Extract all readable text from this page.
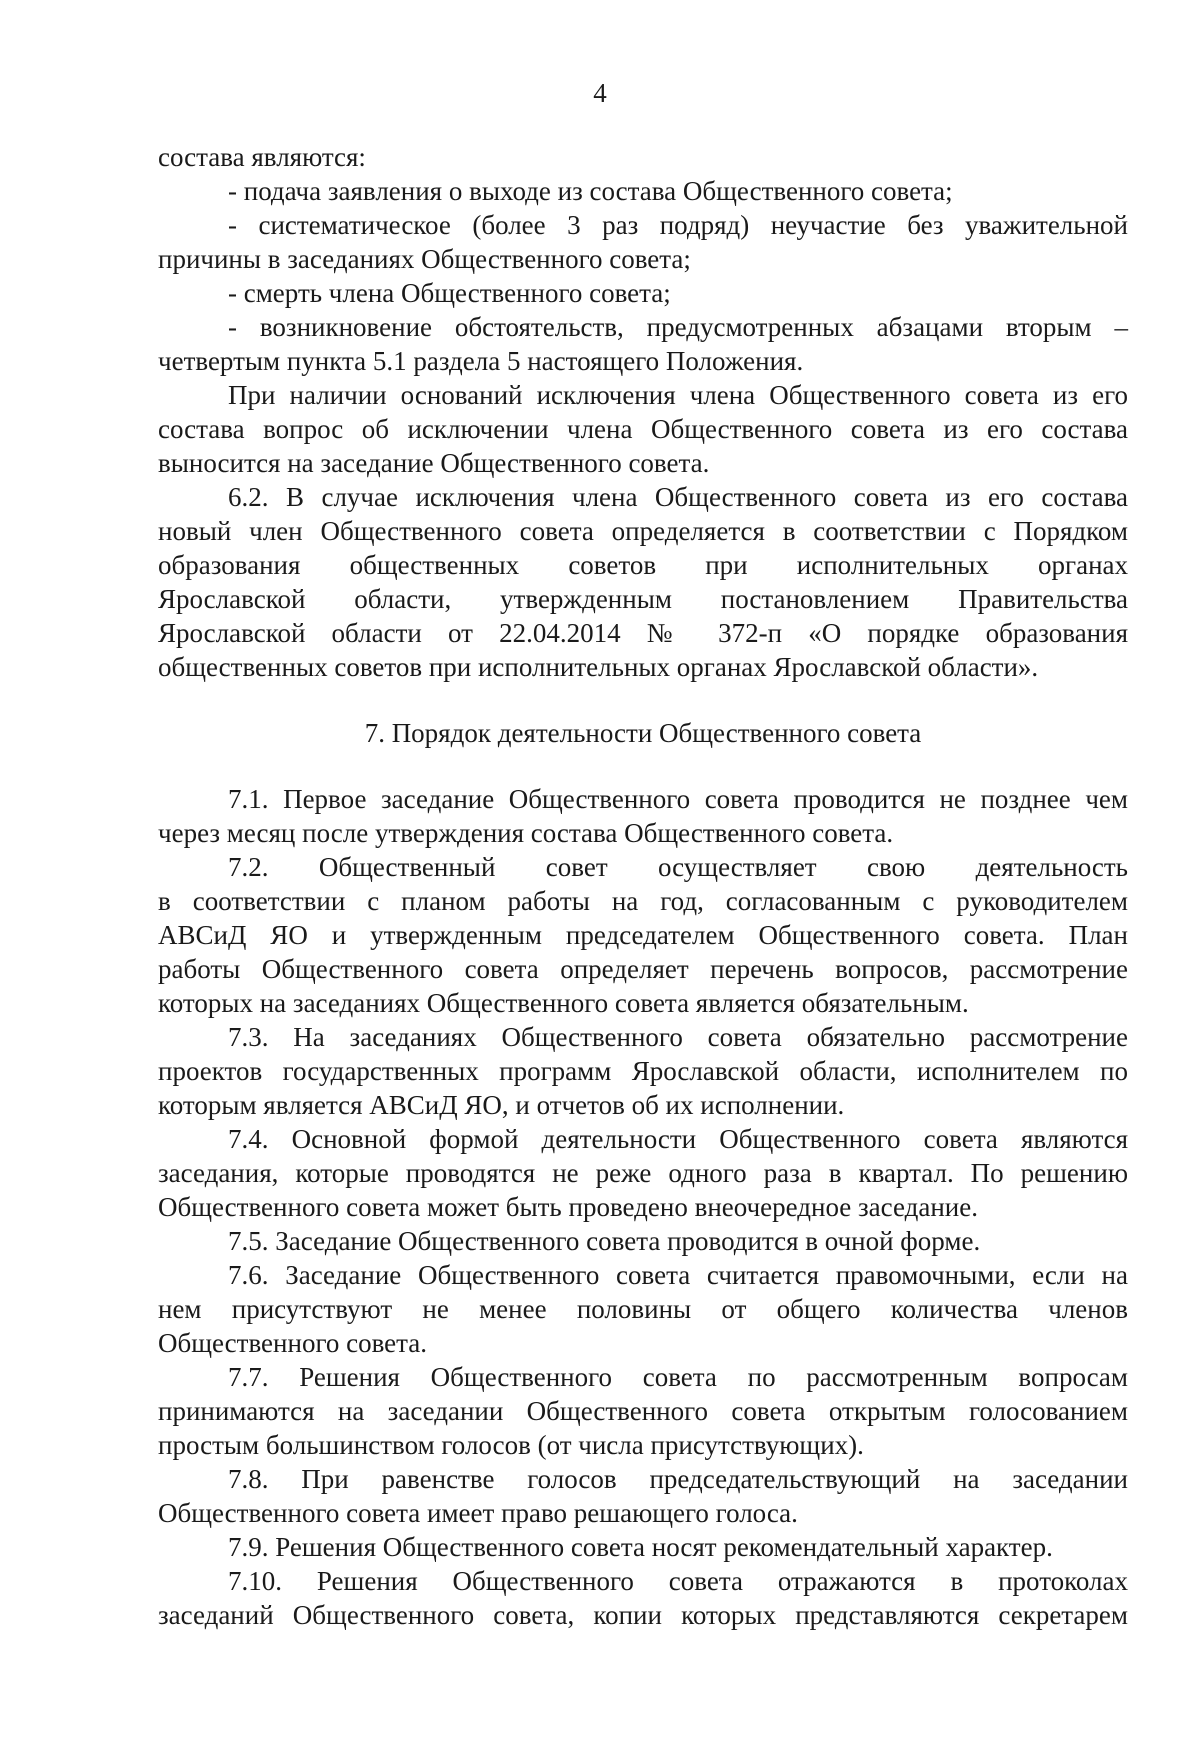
4
состава являются:
- подача заявления о выходе из состава Общественного совета;
- систематическое (более 3 раз подряд) неучастие без уважительной
причины в заседаниях Общественного совета;
- смерть члена Общественного совета;
- возникновение обстоятельств, предусмотренных абзацами вторым –
четвертым пункта 5.1 раздела 5 настоящего Положения.
При наличии оснований исключения члена Общественного совета из его
состава вопрос об исключении члена Общественного совета из его состава
выносится на заседание Общественного совета.
6.2. В случае исключения члена Общественного совета из его состава
новый член Общественного совета определяется в соответствии с Порядком
образования общественных советов при исполнительных органах
Ярославской области, утвержденным постановлением Правительства
Ярославской области от 22.04.2014 № 372-п «О порядке образования
общественных советов при исполнительных органах Ярославской области».
7. Порядок деятельности Общественного совета
7.1. Первое заседание Общественного совета проводится не позднее чем
через месяц после утверждения состава Общественного совета.
7.2. Общественный совет осуществляет свою деятельность
в соответствии с планом работы на год, согласованным с руководителем
АВСиД ЯО и утвержденным председателем Общественного совета. План
работы Общественного совета определяет перечень вопросов, рассмотрение
которых на заседаниях Общественного совета является обязательным.
7.3. На заседаниях Общественного совета обязательно рассмотрение
проектов государственных программ Ярославской области, исполнителем по
которым является АВСиД ЯО, и отчетов об их исполнении.
7.4. Основной формой деятельности Общественного совета являются
заседания, которые проводятся не реже одного раза в квартал. По решению
Общественного совета может быть проведено внеочередное заседание.
7.5. Заседание Общественного совета проводится в очной форме.
7.6. Заседание Общественного совета считается правомочными, если на
нем присутствуют не менее половины от общего количества членов
Общественного совета.
7.7. Решения Общественного совета по рассмотренным вопросам
принимаются на заседании Общественного совета открытым голосованием
простым большинством голосов (от числа присутствующих).
7.8. При равенстве голосов председательствующий на заседании
Общественного совета имеет право решающего голоса.
7.9. Решения Общественного совета носят рекомендательный характер.
7.10. Решения Общественного совета отражаются в протоколах
заседаний Общественного совета, копии которых представляются секретарем
